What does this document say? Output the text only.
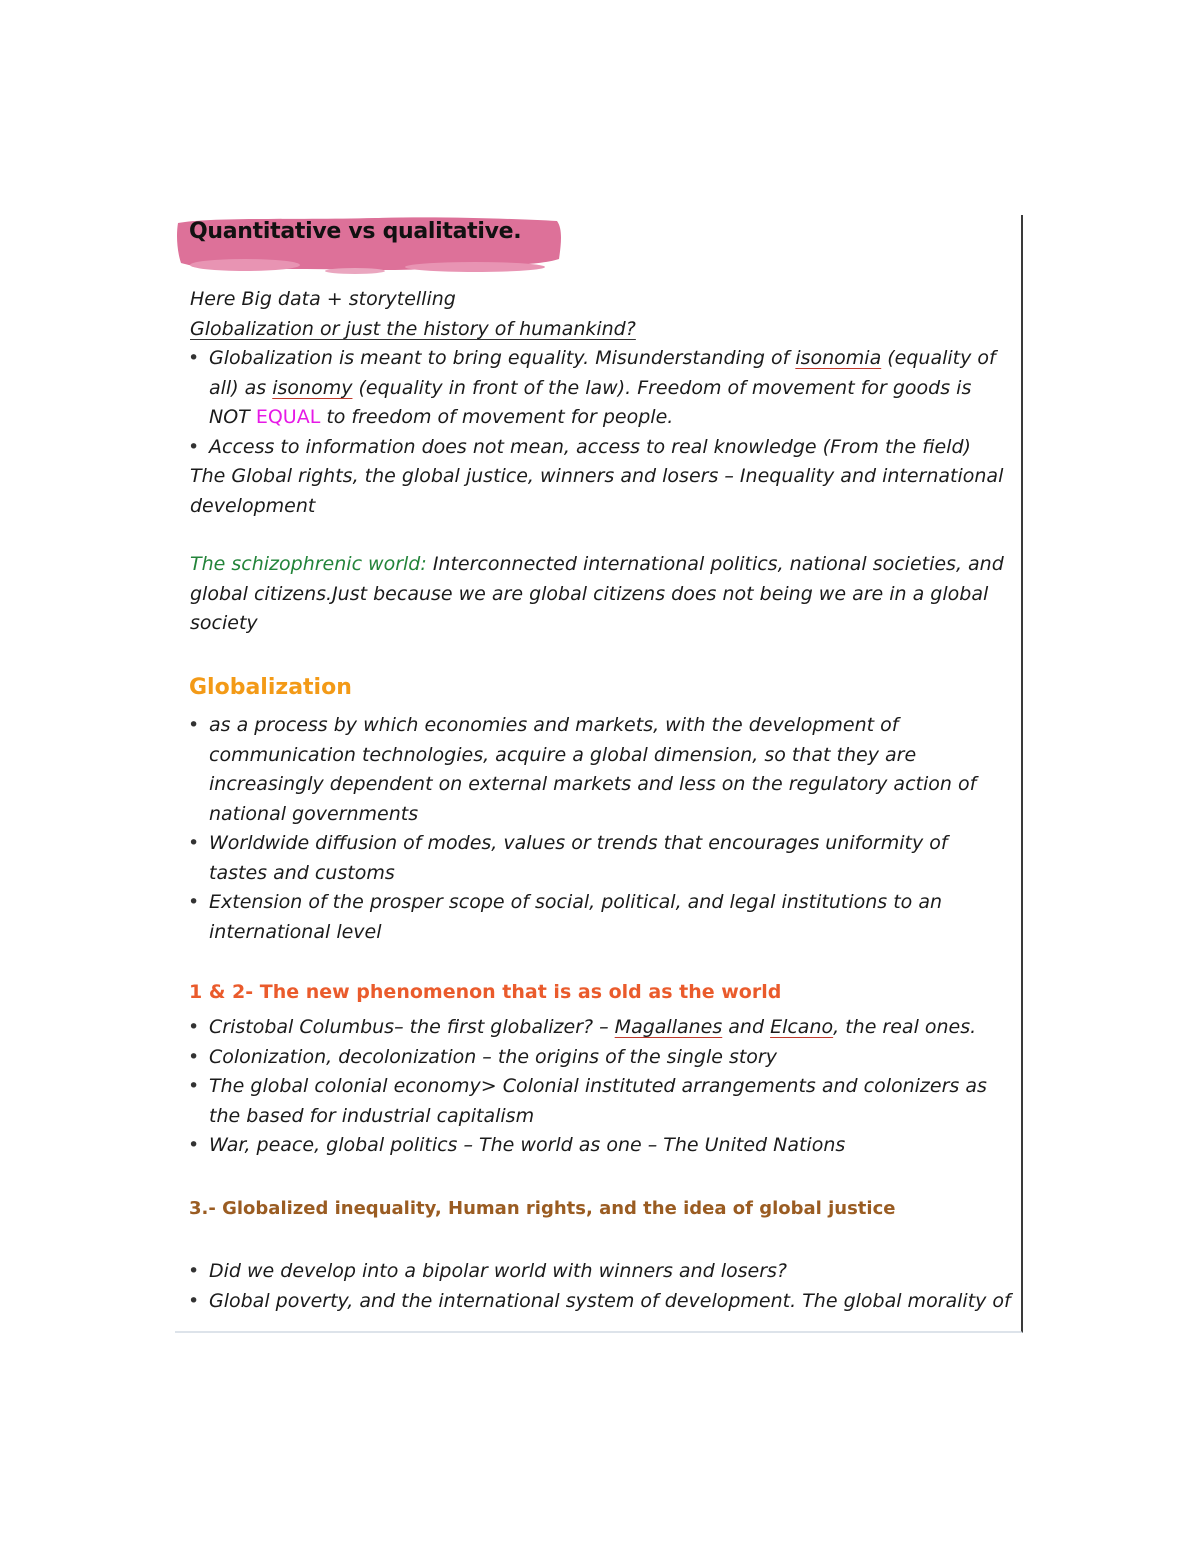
Quantitative vs qualitative.
Here Big data + storytelling
Globalization or just the history of humankind?
• Globalization is meant to bring equality. Misunderstanding of isonomia (equality of
all) as isonomy (equality in front of the law). Freedom of movement for goods is
NOT EQUAL to freedom of movement for people.
• Access to information does not mean, access to real knowledge (From the field)
The Global rights, the global justice, winners and losers – Inequality and international
development
The schizophrenic world: Interconnected international politics, national societies, and
global citizens.Just because we are global citizens does not being we are in a global
society
Globalization
• as a process by which economies and markets, with the development of
communication technologies, acquire a global dimension, so that they are
increasingly dependent on external markets and less on the regulatory action of
national governments
• Worldwide diffusion of modes, values or trends that encourages uniformity of
tastes and customs
• Extension of the prosper scope of social, political, and legal institutions to an
international level
1 & 2- The new phenomenon that is as old as the world
• Cristobal Columbus– the first globalizer? – Magallanes and Elcano, the real ones.
• Colonization, decolonization – the origins of the single story
• The global colonial economy> Colonial instituted arrangements and colonizers as
the based for industrial capitalism
• War, peace, global politics – The world as one – The United Nations
3.- Globalized inequality, Human rights, and the idea of global justice
• Did we develop into a bipolar world with winners and losers?
• Global poverty, and the international system of development. The global morality of
